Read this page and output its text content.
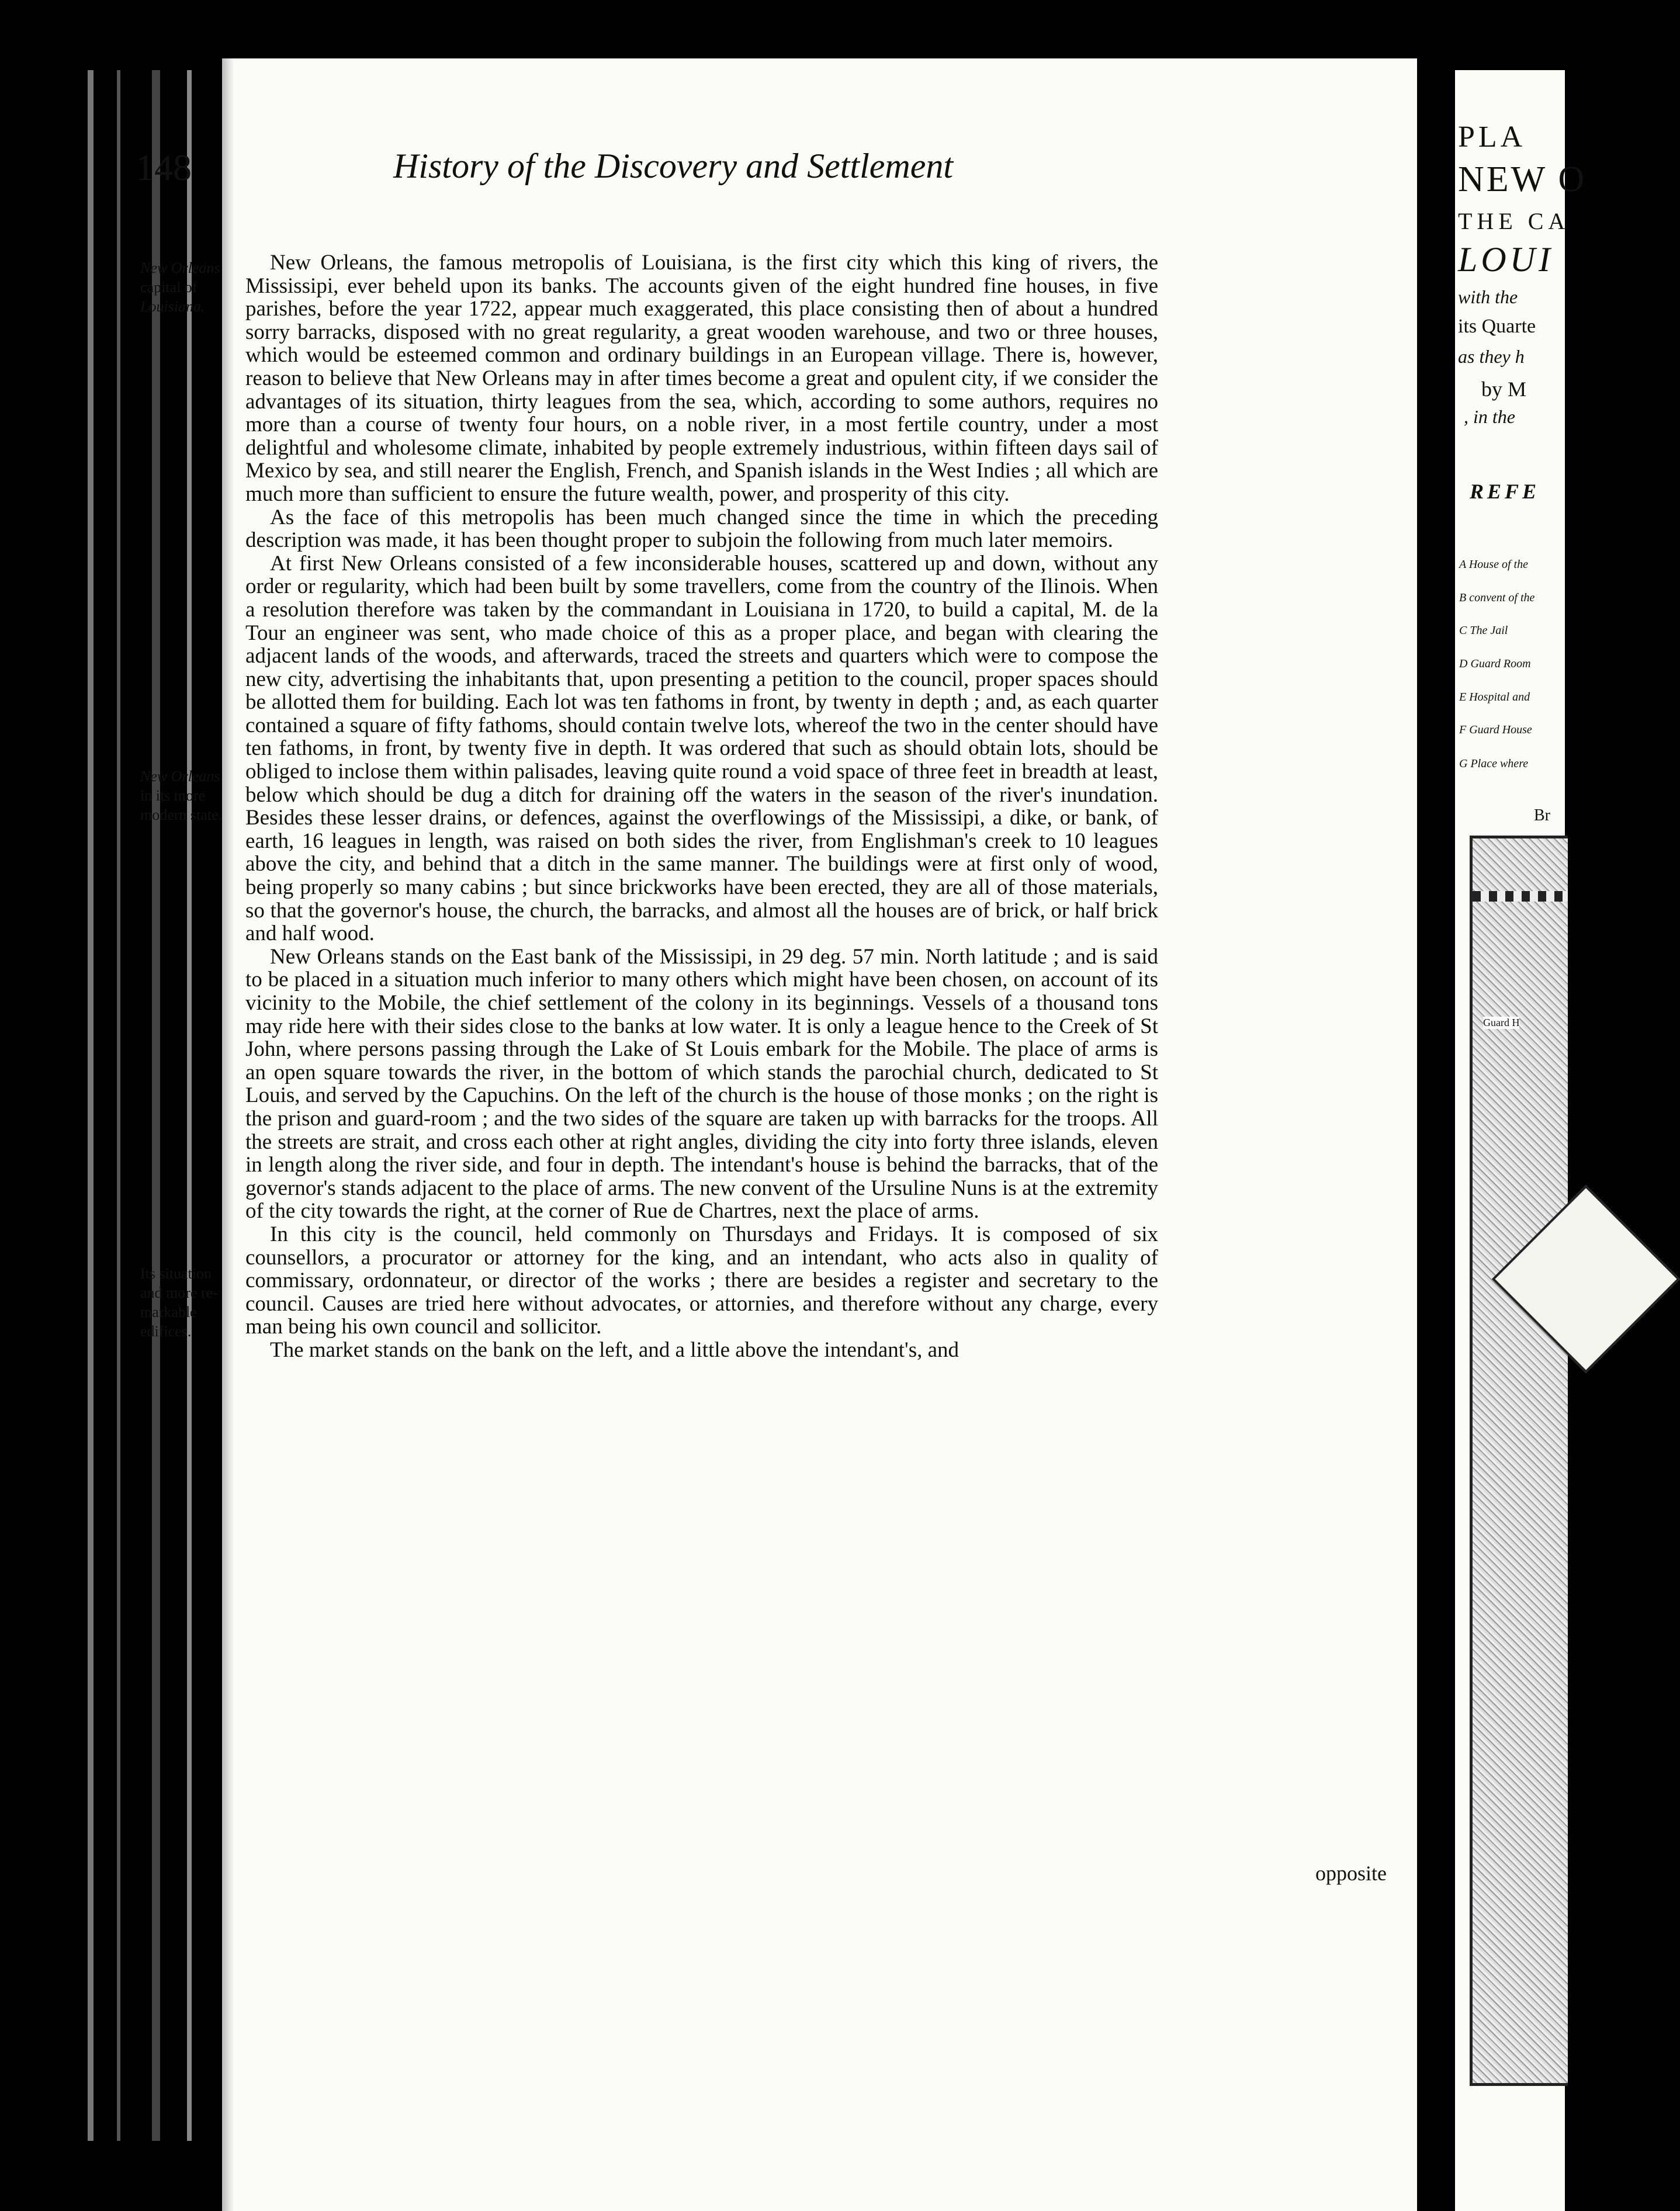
148	History of the Discovery and Settlement
New Orleans
capital of
Louisiana.
New Orleans
in its more
modern state.
Its situation
and more re-
markable
edifices.

New Orleans, the famous metropolis of Louisiana, is the first city which this king of rivers, the Mississipi, ever beheld upon its banks. The accounts given of the eight hundred fine houses, in five parishes, before the year 1722, appear much exaggerated, this place consisting then of about a hundred sorry barracks, disposed with no great regularity, a great wooden warehouse, and two or three houses, which would be esteemed common and ordinary buildings in an European village. There is, however, reason to believe that New Orleans may in after times become a great and opulent city, if we consider the advantages of its situation, thirty leagues from the sea, which, according to some authors, requires no more than a course of twenty four hours, on a noble river, in a most fertile country, under a most delightful and wholesome climate, inhabited by people extremely industrious, within fifteen days sail of Mexico by sea, and still nearer the English, French, and Spanish islands in the West Indies ; all which are much more than sufficient to ensure the future wealth, power, and prosperity of this city.

As the face of this metropolis has been much changed since the time in which the preceding description was made, it has been thought proper to subjoin the following from much later memoirs.

At first New Orleans consisted of a few inconsiderable houses, scattered up and down, without any order or regularity, which had been built by some travellers, come from the country of the Ilinois. When a resolution therefore was taken by the commandant in Louisiana in 1720, to build a capital, M. de la Tour an engineer was sent, who made choice of this as a proper place, and began with clearing the adjacent lands of the woods, and afterwards, traced the streets and quarters which were to compose the new city, advertising the inhabitants that, upon presenting a petition to the council, proper spaces should be allotted them for building. Each lot was ten fathoms in front, by twenty in depth ; and, as each quarter contained a square of fifty fathoms, should contain twelve lots, whereof the two in the center should have ten fathoms, in front, by twenty five in depth. It was ordered that such as should obtain lots, should be obliged to inclose them within palisades, leaving quite round a void space of three feet in breadth at least, below which should be dug a ditch for draining off the waters in the season of the river's inundation. Besides these lesser drains, or defences, against the overflowings of the Mississipi, a dike, or bank, of earth, 16 leagues in length, was raised on both sides the river, from Englishman's creek to 10 leagues above the city, and behind that a ditch in the same manner. The buildings were at first only of wood, being properly so many cabins ; but since brickworks have been erected, they are all of those materials, so that the governor's house, the church, the barracks, and almost all the houses are of brick, or half brick and half wood.

New Orleans stands on the East bank of the Mississipi, in 29 deg. 57 min. North latitude ; and is said to be placed in a situation much inferior to many others which might have been chosen, on account of its vicinity to the Mobile, the chief settlement of the colony in its beginnings. Vessels of a thousand tons may ride here with their sides close to the banks at low water. It is only a league hence to the Creek of St John, where persons passing through the Lake of St Louis embark for the Mobile. The place of arms is an open square towards the river, in the bottom of which stands the parochial church, dedicated to St Louis, and served by the Capuchins. On the left of the church is the house of those monks ; on the right is the prison and guard-room ; and the two sides of the square are taken up with barracks for the troops. All the streets are strait, and cross each other at right angles, dividing the city into forty three islands, eleven in length along the river side, and four in depth. The intendant's house is behind the barracks, that of the governor's stands adjacent to the place of arms. The new convent of the Ursuline Nuns is at the extremity of the city towards the right, at the corner of Rue de Chartres, next the place of arms.

In this city is the council, held commonly on Thursdays and Fridays. It is composed of six counsellors, a procurator or attorney for the king, and an intendant, who acts also in quality of commissary, ordonnateur, or director of the works ; there are besides a register and secretary to the council. Causes are tried here without advocates, or attornies, and therefore without any charge, every man being his own council and sollicitor.

The market stands on the bank on the left, and a little above the intendant's, and

opposite
PLA
NEW O
THE CA
LOUI
with the
its Quarte
as they h
by M
, in the
REFE
A House of the
B convent of the
C The Jail
D Guard Room
E Hospital and
F Guard House
G Place where
Br
Guard H
